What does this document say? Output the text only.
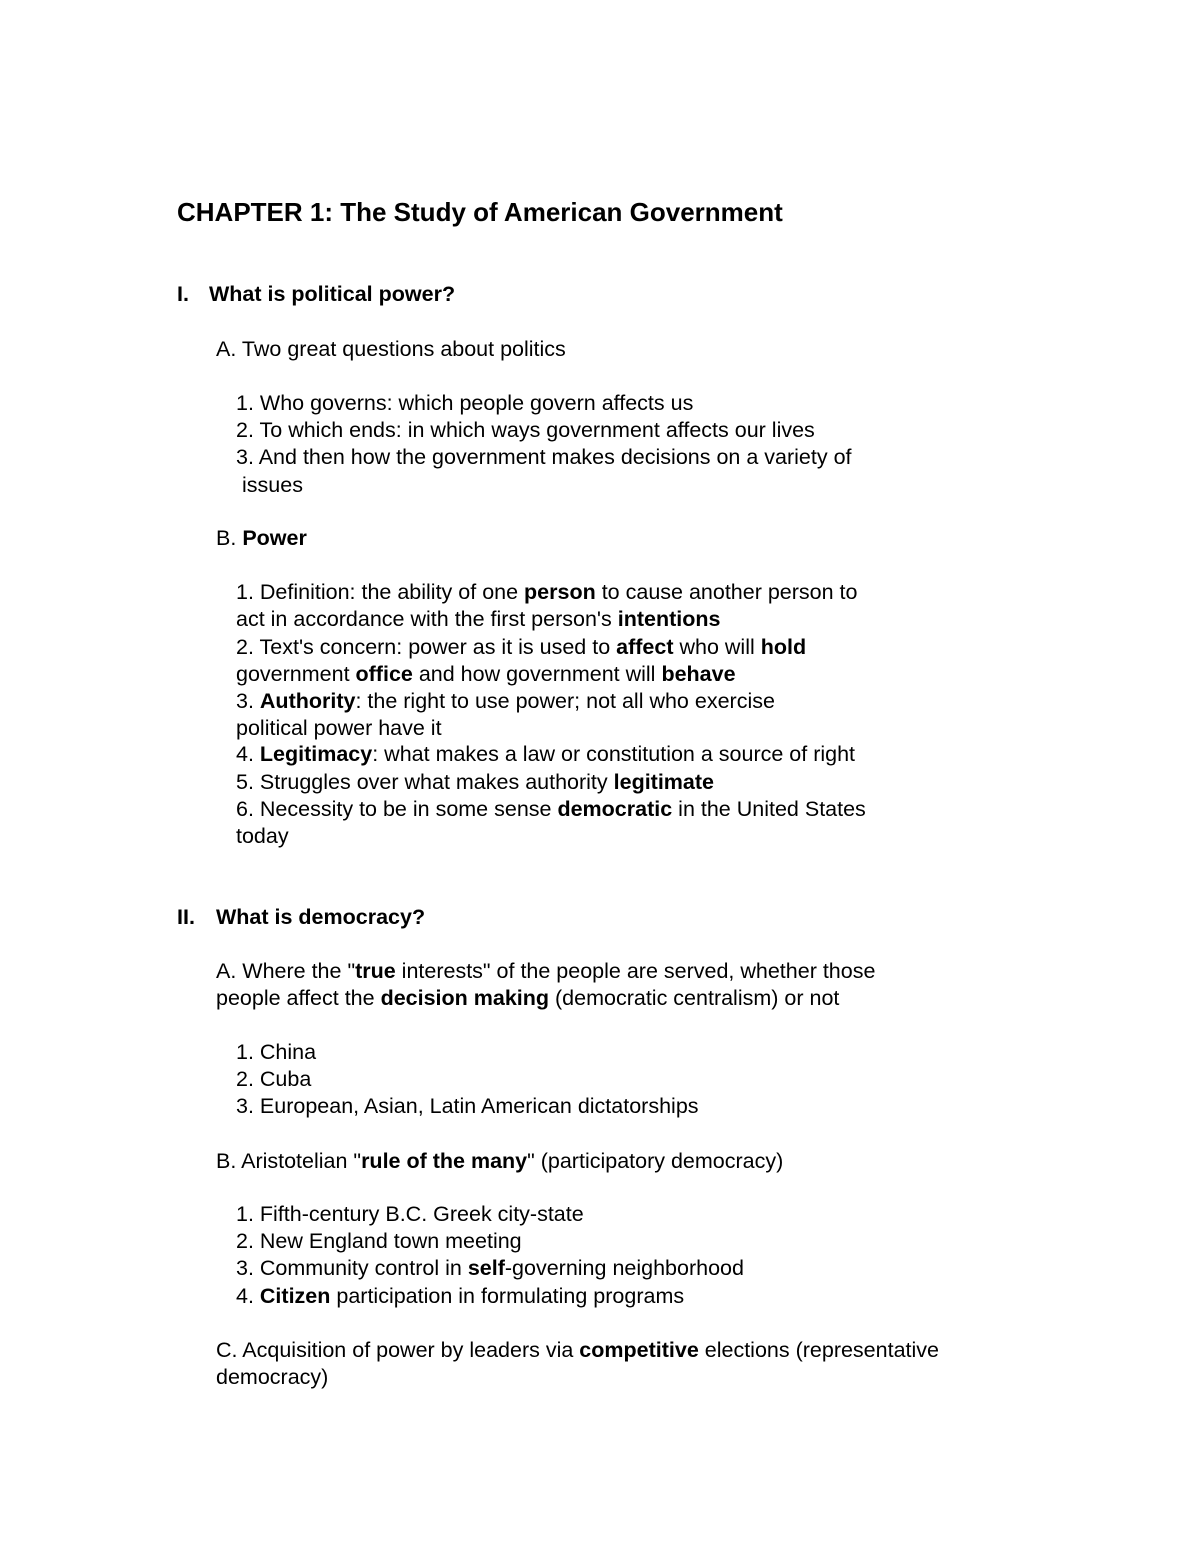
CHAPTER 1: The Study of American Government
I. What is political power?
A. Two great questions about politics
1. Who governs: which people govern affects us
2. To which ends: in which ways government affects our lives
3. And then how the government makes decisions on a variety of
issues
B. Power
1. Definition: the ability of one person to cause another person to
act in accordance with the first person's intentions
2. Text's concern: power as it is used to affect who will hold
government office and how government will behave
3. Authority: the right to use power; not all who exercise
political power have it
4. Legitimacy: what makes a law or constitution a source of right
5. Struggles over what makes authority legitimate
6. Necessity to be in some sense democratic in the United States
today
II. What is democracy?
A. Where the "true interests" of the people are served, whether those
people affect the decision making (democratic centralism) or not
1. China
2. Cuba
3. European, Asian, Latin American dictatorships
B. Aristotelian "rule of the many" (participatory democracy)
1. Fifth-century B.C. Greek city-state
2. New England town meeting
3. Community control in self-governing neighborhood
4. Citizen participation in formulating programs
C. Acquisition of power by leaders via competitive elections (representative
democracy)
